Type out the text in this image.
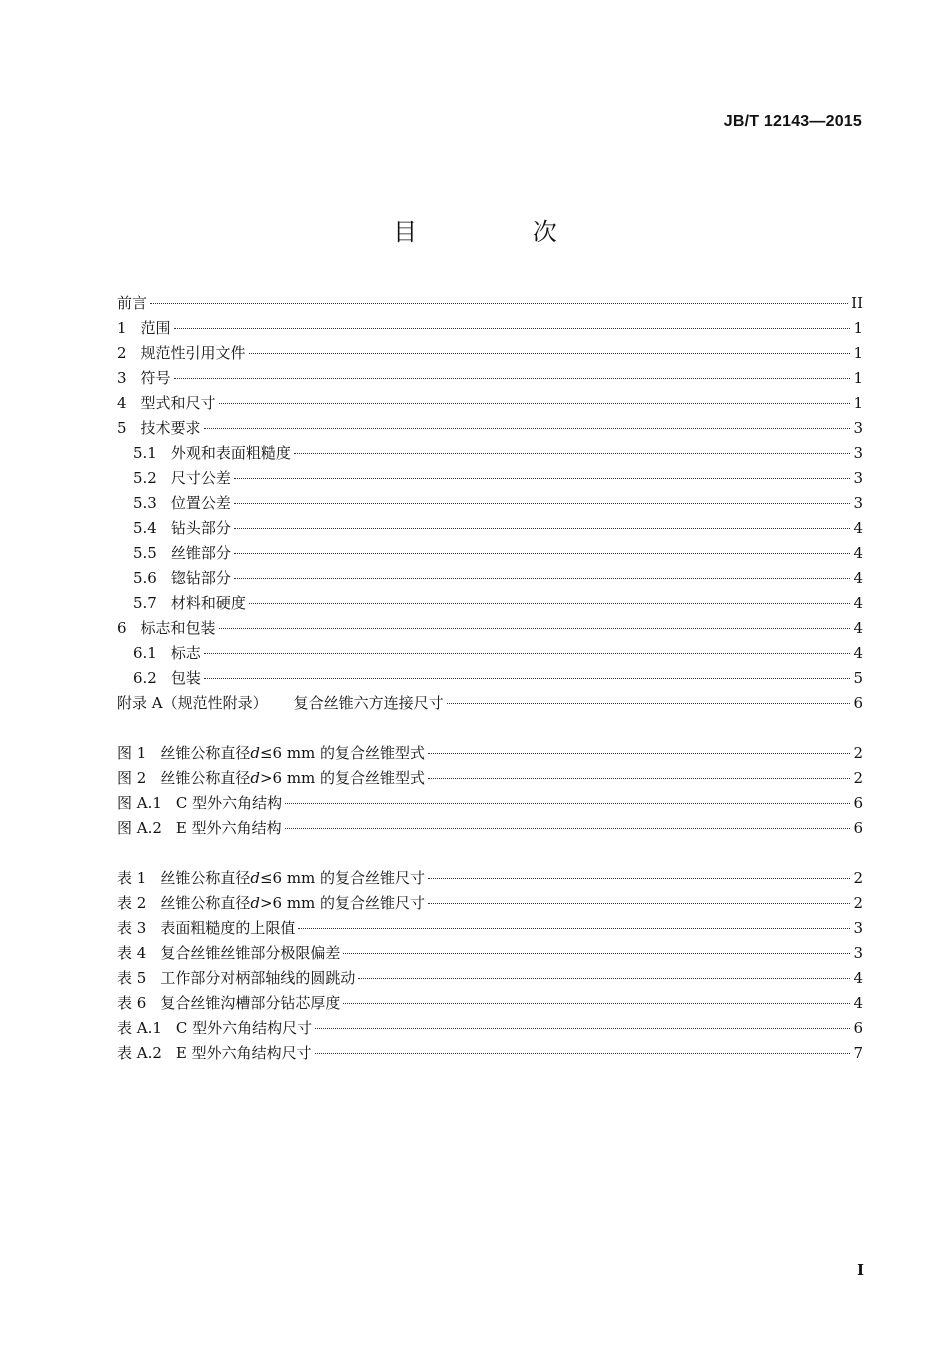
JB/T 12143—2015
目 次
前言	II
1 范围	1
2 规范性引用文件	1
3 符号	1
4 型式和尺寸	1
5 技术要求	3
5.1 外观和表面粗糙度	3
5.2 尺寸公差	3
5.3 位置公差	3
5.4 钻头部分	4
5.5 丝锥部分	4
5.6 锪钻部分	4
5.7 材料和硬度	4
6 标志和包装	4
6.1 标志	4
6.2 包装	5
附录 A（规范性附录） 复合丝锥六方连接尺寸	6
图 1 丝锥公称直径 d ≤6 mm 的复合丝锥型式	2
图 2 丝锥公称直径 d >6 mm 的复合丝锥型式	2
图 A.1 C 型外六角结构	6
图 A.2 E 型外六角结构	6
表 1 丝锥公称直径 d ≤6 mm 的复合丝锥尺寸	2
表 2 丝锥公称直径 d >6 mm 的复合丝锥尺寸	2
表 3 表面粗糙度的上限值	3
表 4 复合丝锥丝锥部分极限偏差	3
表 5 工作部分对柄部轴线的圆跳动	4
表 6 复合丝锥沟槽部分钻芯厚度	4
表 A.1 C 型外六角结构尺寸	6
表 A.2 E 型外六角结构尺寸	7
I
